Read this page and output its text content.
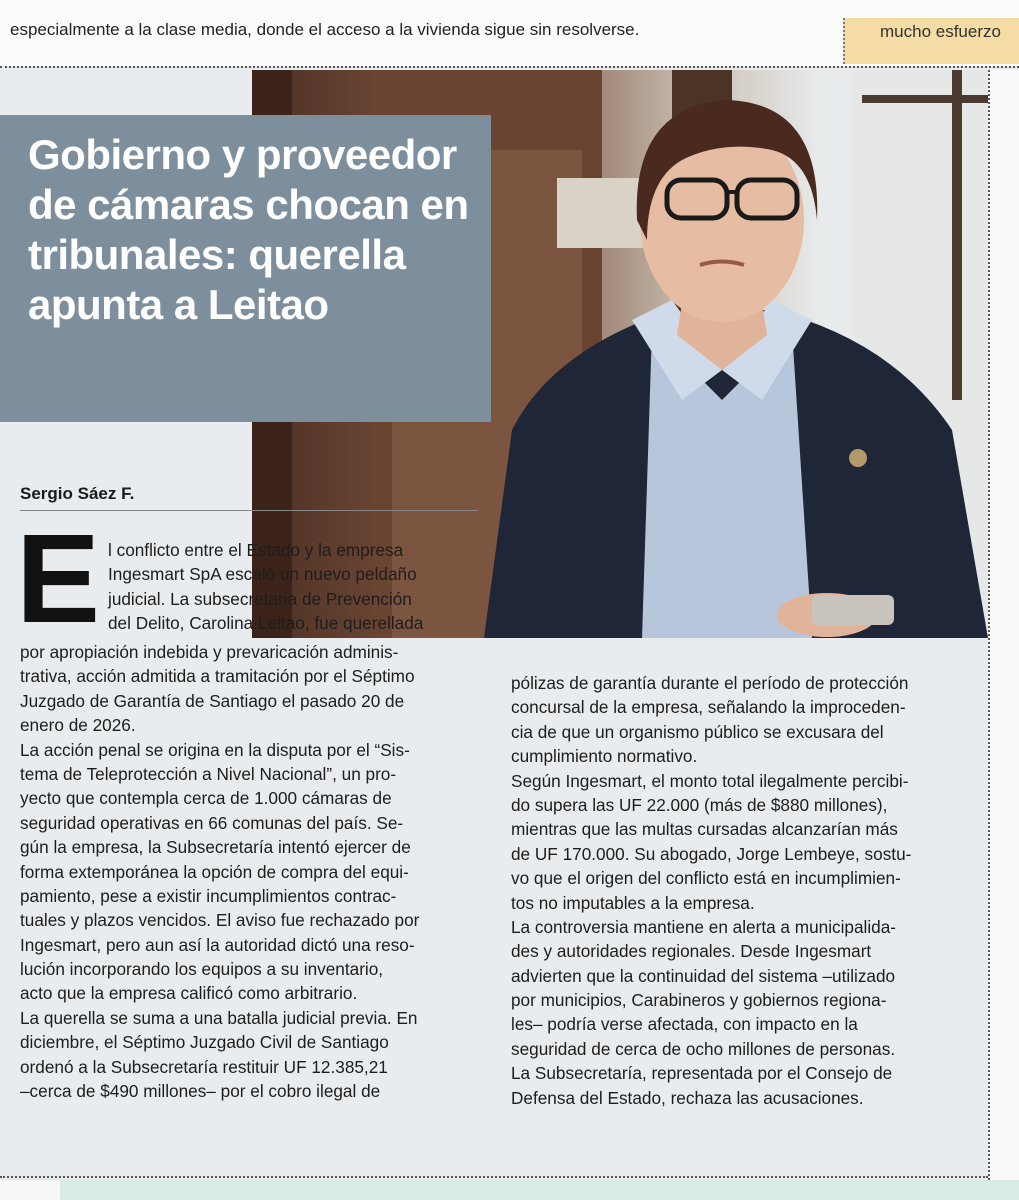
especialmente a la clase media, donde el acceso a la vivienda sigue sin resolverse.	mucho esfuerzo
Gobierno y proveedor de cámaras chocan en tribunales: querella apunta a Leitao
Sergio Sáez F.
E l conflicto entre el Estado y la empresa
Ingesmart SpA escaló un nuevo peldaño
judicial. La subsecretaria de Prevención
del Delito, Carolina Leitao, fue querellada
por apropiación indebida y prevaricación adminis-
trativa, acción admitida a tramitación por el Séptimo
Juzgado de Garantía de Santiago el pasado 20 de
enero de 2026.
La acción penal se origina en la disputa por el “Sis-
tema de Teleprotección a Nivel Nacional”, un pro-
yecto que contempla cerca de 1.000 cámaras de
seguridad operativas en 66 comunas del país. Se-
gún la empresa, la Subsecretaría intentó ejercer de
forma extemporánea la opción de compra del equi-
pamiento, pese a existir incumplimientos contrac-
tuales y plazos vencidos. El aviso fue rechazado por
Ingesmart, pero aun así la autoridad dictó una reso-
lución incorporando los equipos a su inventario,
acto que la empresa calificó como arbitrario.
La querella se suma a una batalla judicial previa. En
diciembre, el Séptimo Juzgado Civil de Santiago
ordenó a la Subsecretaría restituir UF 12.385,21
–cerca de $490 millones– por el cobro ilegal de
pólizas de garantía durante el período de protección
concursal de la empresa, señalando la improceden-
cia de que un organismo público se excusara del
cumplimiento normativo.
Según Ingesmart, el monto total ilegalmente percibi-
do supera las UF 22.000 (más de $880 millones),
mientras que las multas cursadas alcanzarían más
de UF 170.000. Su abogado, Jorge Lembeye, sostu-
vo que el origen del conflicto está en incumplimien-
tos no imputables a la empresa.
La controversia mantiene en alerta a municipalida-
des y autoridades regionales. Desde Ingesmart
advierten que la continuidad del sistema –utilizado
por municipios, Carabineros y gobiernos regiona-
les– podría verse afectada, con impacto en la
seguridad de cerca de ocho millones de personas.
La Subsecretaría, representada por el Consejo de
Defensa del Estado, rechaza las acusaciones.
